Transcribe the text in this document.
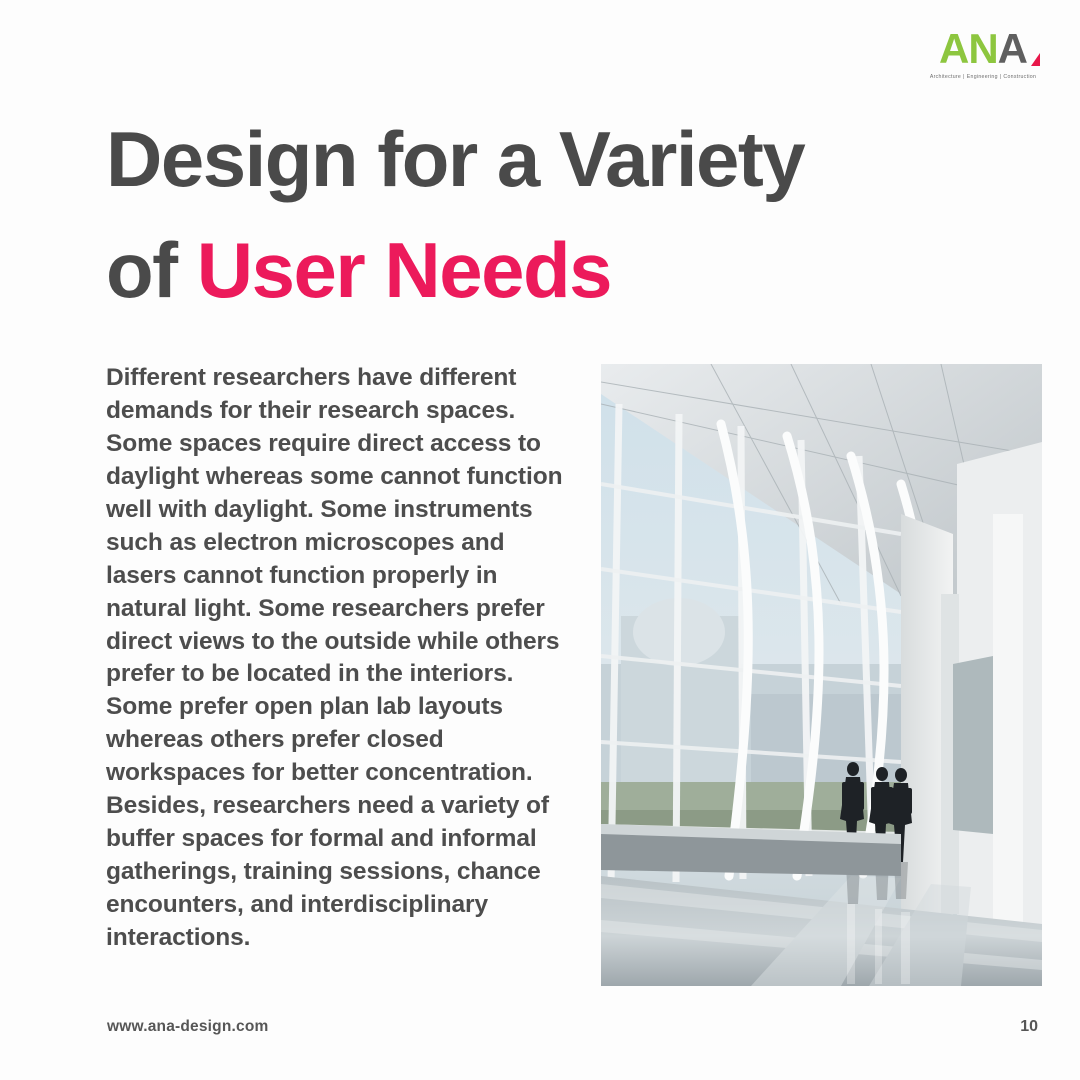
ANA
Architecture | Engineering | Construction
Design for a Variety
of User Needs

Different researchers have different demands for their research spaces. Some spaces require direct access to daylight whereas some cannot function well with daylight. Some instruments such as electron microscopes and lasers cannot function properly in natural light. Some researchers prefer direct views to the outside while others prefer to be located in the interiors. Some prefer open plan lab layouts whereas others prefer closed workspaces for better concentration. Besides, researchers need a variety of buffer spaces for formal and informal gatherings, training sessions, chance encounters, and interdisciplinary interactions.

www.ana-design.com	10
